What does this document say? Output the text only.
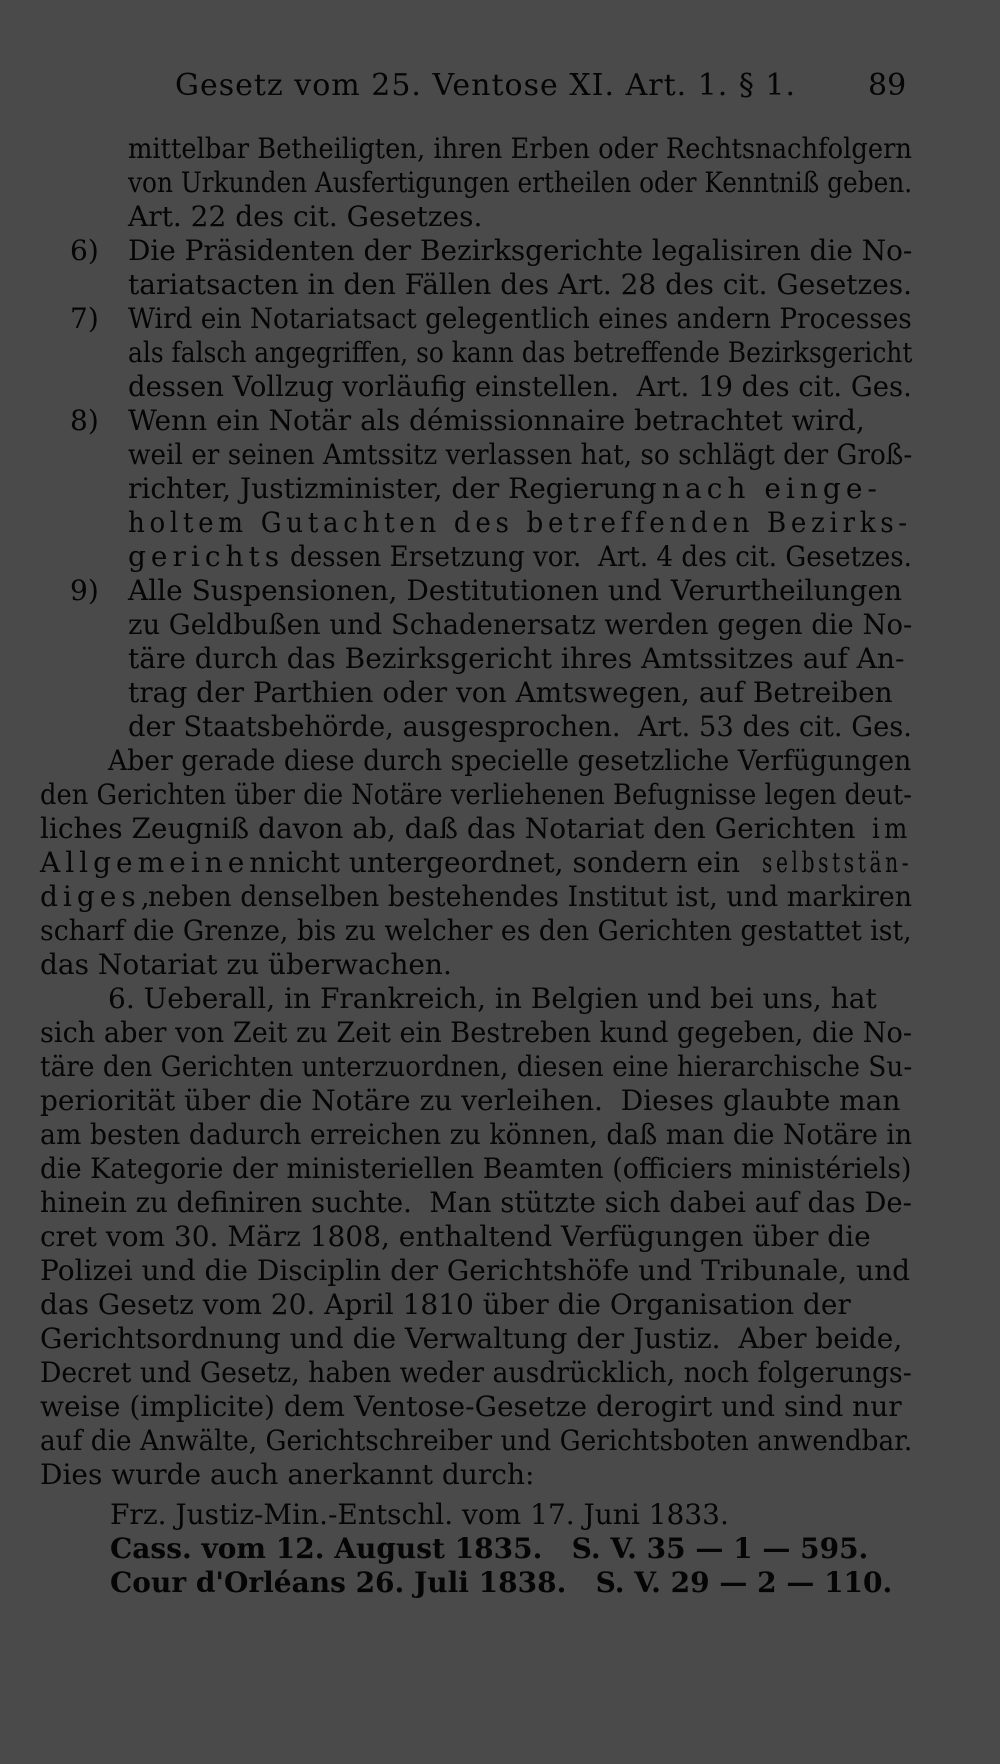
Gesetz vom 25. Ventose XI. Art. 1. § 1. 89
mittelbar Betheiligten, ihren Erben oder Rechtsnachfolgern
von Urkunden Ausfertigungen ertheilen oder Kenntniß geben.
Art. 22 des cit. Gesetzes.
6) Die Präsidenten der Bezirksgerichte legalisiren die No-
tariatsacten in den Fällen des Art. 28 des cit. Gesetzes.
7) Wird ein Notariatsact gelegentlich eines andern Processes
als falsch angegriffen, so kann das betreffende Bezirksgericht
dessen Vollzug vorläufig einstellen.  Art. 19 des cit. Ges.
8) Wenn ein Notär als démissionnaire betrachtet wird,
weil er seinen Amtssitz verlassen hat, so schlägt der Groß-
richter, Justizminister, der Regierung nach einge-
holtem Gutachten des betreffenden Bezirks-
gerichts dessen Ersetzung vor.  Art. 4 des cit. Gesetzes.
9) Alle Suspensionen, Destitutionen und Verurtheilungen
zu Geldbußen und Schadenersatz werden gegen die No-
täre durch das Bezirksgericht ihres Amtssitzes auf An-
trag der Parthien oder von Amtswegen, auf Betreiben
der Staatsbehörde, ausgesprochen.  Art. 53 des cit. Ges.
Aber gerade diese durch specielle gesetzliche Verfügungen
den Gerichten über die Notäre verliehenen Befugnisse legen deut-
liches Zeugniß davon ab, daß das Notariat den Gerichten im
Allgemeinen
nicht untergeordnet, sondern ein selbststän-
diges,
neben denselben bestehendes Institut ist, und markiren
scharf die Grenze, bis zu welcher es den Gerichten gestattet ist,
das Notariat zu überwachen.
6. Ueberall, in Frankreich, in Belgien und bei uns, hat
sich aber von Zeit zu Zeit ein Bestreben kund gegeben, die No-
täre den Gerichten unterzuordnen, diesen eine hierarchische Su-
periorität über die Notäre zu verleihen.  Dieses glaubte man
am besten dadurch erreichen zu können, daß man die Notäre in
die Kategorie der ministeriellen Beamten (officiers ministériels)
hinein zu definiren suchte.  Man stützte sich dabei auf das De-
cret vom 30. März 1808, enthaltend Verfügungen über die
Polizei und die Disciplin der Gerichtshöfe und Tribunale, und
das Gesetz vom 20. April 1810 über die Organisation der
Gerichtsordnung und die Verwaltung der Justiz.  Aber beide,
Decret und Gesetz, haben weder ausdrücklich, noch folgerungs-
weise (implicite) dem Ventose-Gesetze derogirt und sind nur
auf die Anwälte, Gerichtschreiber und Gerichtsboten anwendbar.
Dies wurde auch anerkannt durch:
Frz. Justiz-Min.-Entschl. vom 17. Juni 1833.
Cass. vom 12. August 1835.   S. V. 35 — 1 — 595.
Cour d'Orléans 26. Juli 1838.   S. V. 29 — 2 — 110.
